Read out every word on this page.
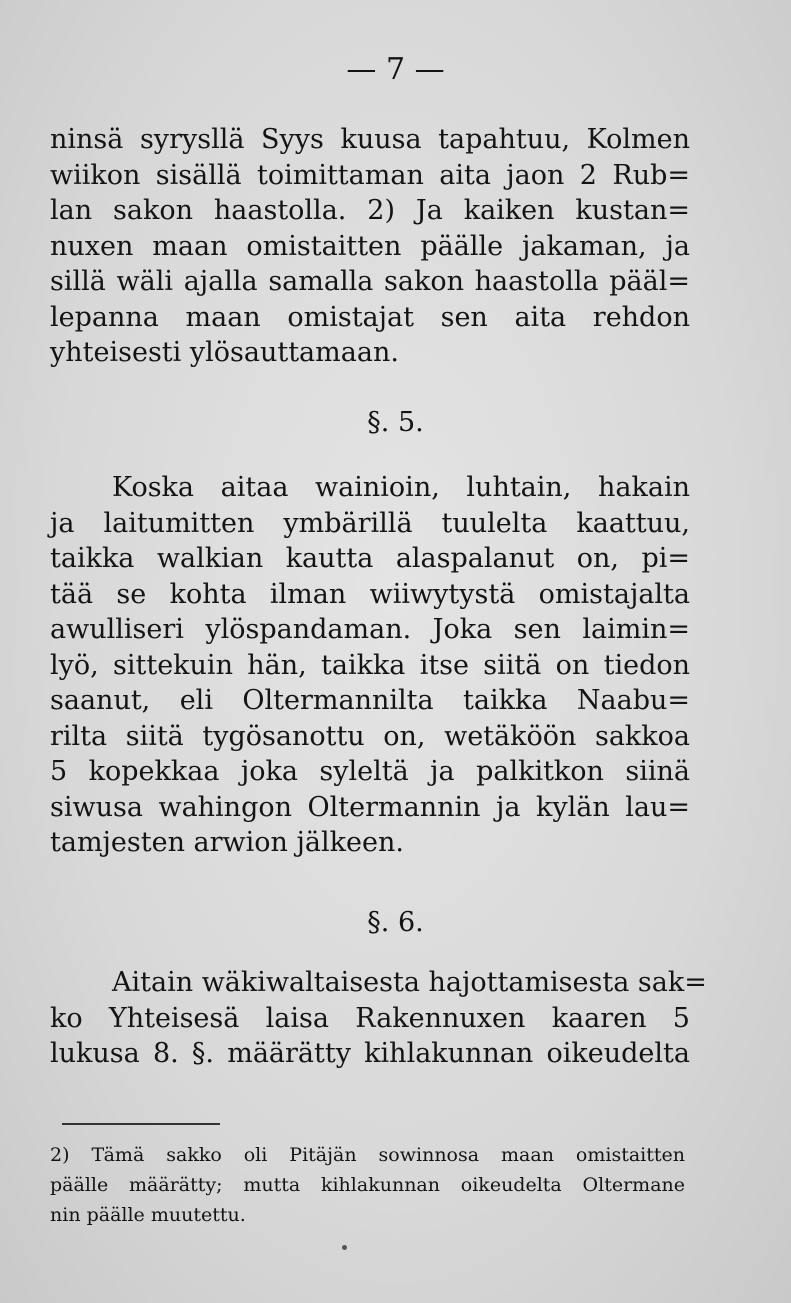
— 7 —
ninsä syrysllä Syys kuusa tapahtuu, Kolmen
wiikon sisällä toimittaman aita jaon 2 Rub=
lan sakon haastolla. 2) Ja kaiken kustan=
nuxen maan omistaitten päälle jakaman, ja
sillä wäli ajalla samalla sakon haastolla pääl=
lepanna maan omistajat sen aita rehdon
yhteisesti ylösauttamaan.
§. 5.
Koska aitaa wainioin, luhtain, hakain
ja laitumitten ymbärillä tuulelta kaattuu,
taikka walkian kautta alaspalanut on, pi=
tää se kohta ilman wiiwytystä omistajalta
awulliseri ylöspandaman. Joka sen laimin=
lyö, sittekuin hän, taikka itse siitä on tiedon
saanut, eli Oltermannilta taikka Naabu=
rilta siitä tygösanottu on, wetäköön sakkoa
5 kopekkaa joka syleltä ja palkitkon siinä
siwusa wahingon Oltermannin ja kylän lau=
tamjesten arwion jälkeen.
§. 6.
Aitain wäkiwaltaisesta hajottamisesta sak=
ko Yhteisesä laisa Rakennuxen kaaren 5
lukusa 8. §. määrätty kihlakunnan oikeudelta
2) Tämä sakko oli Pitäjän sowinnosa maan omistaitten
päälle määrätty; mutta kihlakunnan oikeudelta Oltermane
nin päälle muutettu.
